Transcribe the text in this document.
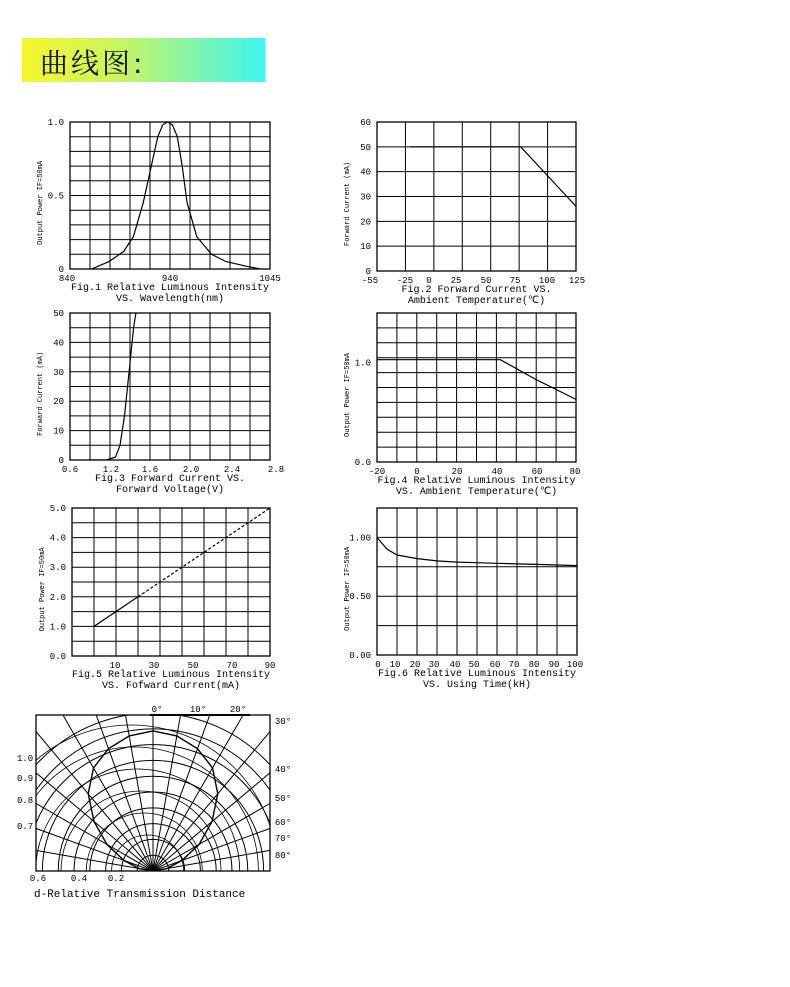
曲线图:
0
0.5
1.0
840	940	1045
Output Power IF=50mA
Fig.1 Relative Luminous Intensity
VS. Wavelength(nm)
0
10
20
30
40
50
60
-55 -25 0 25 50 75 100 125
Forward Current (mA)
Fig.2 Forward Current VS.
Ambient Temperature(℃)
0
10
20
30
40
50
0.6	1.2	1.6	2.0	2.4	2.8
Forward Current (mA)
Fig.3 Forward Current VS.
Forward Voltage(V)
0.0
1.0
-20	0	20	40	60	80
Output Power IF=50mA
Fig.4 Relative Luminous Intensity
VS. Ambient Temperature(℃)
0.0
1.0
2.0
3.0
4.0
5.0
10	30	50	70	90
Output Power IF=50mA
Fig.5 Relative Luminous Intensity
VS. Fofward Current(mA)
0.00
0.50
1.00
0 10 20 30 40 50 60 70 80 90 100
Output Power IF=50mA
Fig.6 Relative Luminous Intensity
VS. Using Time(kH)
0°	10°	20°
30°
40°
50°
60°
70°
80°
1.0
0.9
0.8
0.7
0.6	0.4 0.2
d-Relative Transmission Distance
